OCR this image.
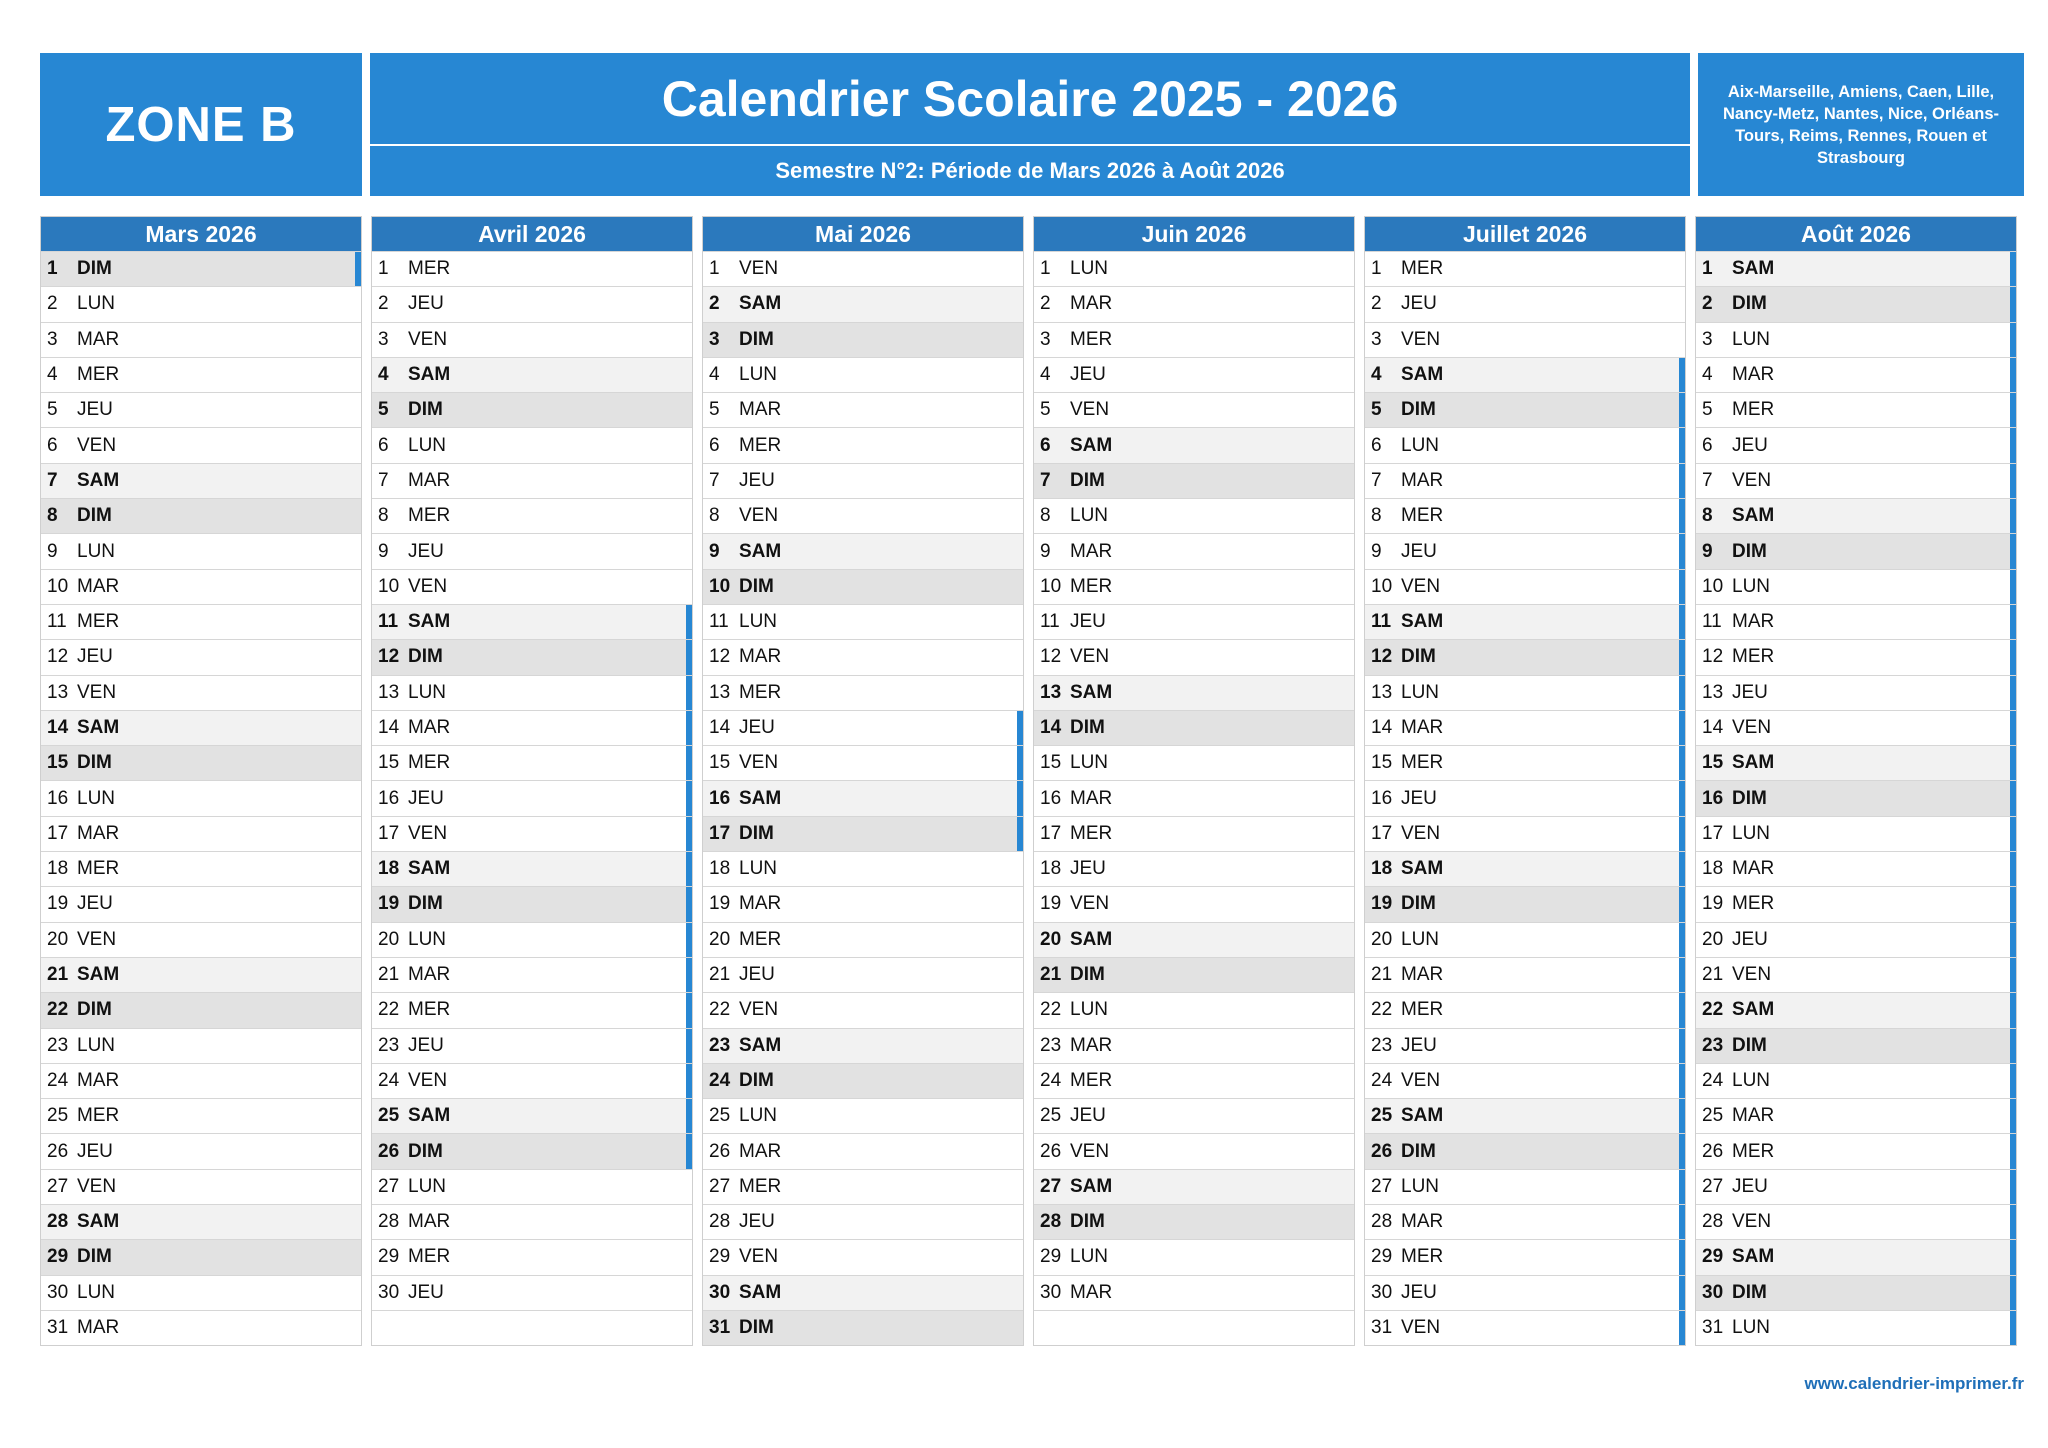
ZONE B	Calendrier Scolaire 2025 - 2026
Semestre N°2: Période de Mars 2026 à Août 2026
Aix-Marseille, Amiens, Caen, Lille, Nancy-Metz, Nantes, Nice, Orléans-Tours, Reims, Rennes, Rouen et Strasbourg
Mars 2026
1	DIM
2	LUN
3	MAR
4	MER
5	JEU
6	VEN
7	SAM
8	DIM
9	LUN
10 MAR
11 MER
12 JEU
13 VEN
14 SAM
15 DIM
16 LUN
17 MAR
18 MER
19 JEU
20 VEN
21 SAM
22 DIM
23 LUN
24 MAR
25 MER
26 JEU
27 VEN
28 SAM
29 DIM
30 LUN
31 MAR
Avril 2026
1	MER
2	JEU
3	VEN
4	SAM
5	DIM
6	LUN
7	MAR
8	MER
9	JEU
10 VEN
11 SAM
12 DIM
13 LUN
14 MAR
15 MER
16 JEU
17 VEN
18 SAM
19 DIM
20 LUN
21 MAR
22 MER
23 JEU
24 VEN
25 SAM
26 DIM
27 LUN
28 MAR
29 MER
30 JEU
Mai 2026
1	VEN
2	SAM
3	DIM
4	LUN
5	MAR
6	MER
7	JEU
8	VEN
9	SAM
10 DIM
11 LUN
12 MAR
13 MER
14 JEU
15 VEN
16 SAM
17 DIM
18 LUN
19 MAR
20 MER
21 JEU
22 VEN
23 SAM
24 DIM
25 LUN
26 MAR
27 MER
28 JEU
29 VEN
30 SAM
31 DIM
Juin 2026
1	LUN
2	MAR
3	MER
4	JEU
5	VEN
6	SAM
7	DIM
8	LUN
9	MAR
10 MER
11 JEU
12 VEN
13 SAM
14 DIM
15 LUN
16 MAR
17 MER
18 JEU
19 VEN
20 SAM
21 DIM
22 LUN
23 MAR
24 MER
25 JEU
26 VEN
27 SAM
28 DIM
29 LUN
30 MAR
Juillet 2026
1	MER
2	JEU
3	VEN
4	SAM
5	DIM
6	LUN
7	MAR
8	MER
9	JEU
10 VEN
11 SAM
12 DIM
13 LUN
14 MAR
15 MER
16 JEU
17 VEN
18 SAM
19 DIM
20 LUN
21 MAR
22 MER
23 JEU
24 VEN
25 SAM
26 DIM
27 LUN
28 MAR
29 MER
30 JEU
31 VEN
Août 2026
1	SAM
2	DIM
3	LUN
4	MAR
5	MER
6	JEU
7	VEN
8	SAM
9	DIM
10 LUN
11 MAR
12 MER
13 JEU
14 VEN
15 SAM
16 DIM
17 LUN
18 MAR
19 MER
20 JEU
21 VEN
22 SAM
23 DIM
24 LUN
25 MAR
26 MER
27 JEU
28 VEN
29 SAM
30 DIM
31 LUN
www.calendrier-imprimer.fr
